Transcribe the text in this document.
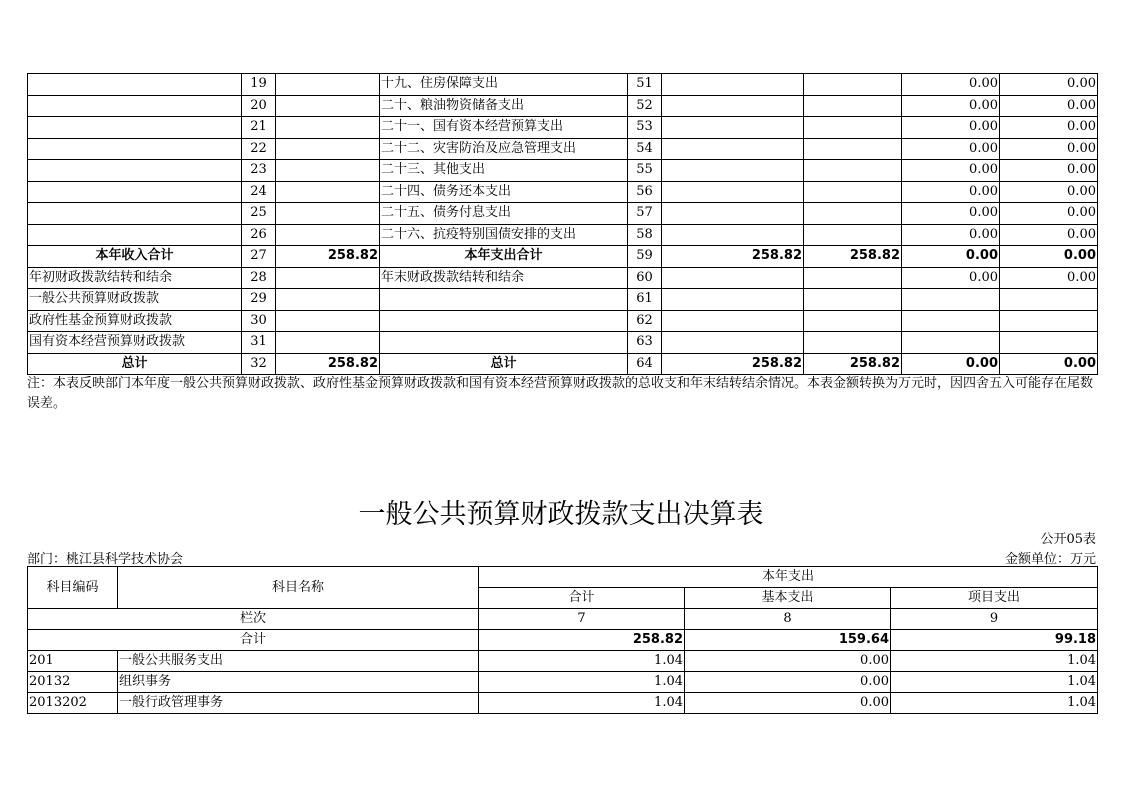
	19		十九、住房保障支出	51			0.00	0.00
	20		二十、粮油物资储备支出	52			0.00	0.00
	21		二十一、国有资本经营预算支出	53			0.00	0.00
	22		二十二、灾害防治及应急管理支出	54			0.00	0.00
	23		二十三、其他支出	55			0.00	0.00
	24		二十四、债务还本支出	56			0.00	0.00
	25		二十五、债务付息支出	57			0.00	0.00
	26		二十六、抗疫特别国债安排的支出	58			0.00	0.00
本年收入合计	27	258.82	本年支出合计	59	258.82	258.82	0.00	0.00
年初财政拨款结转和结余	28		年末财政拨款结转和结余	60			0.00	0.00
一般公共预算财政拨款	29			61				
政府性基金预算财政拨款	30			62				
国有资本经营预算财政拨款	31			63				
总计	32	258.82	总计	64	258.82	258.82	0.00	0.00
注：本表反映部门本年度一般公共预算财政拨款、政府性基金预算财政拨款和国有资本经营预算财政拨款的总收支和年末结转结余情况。本表金额转换为万元时，因四舍五入可能存在尾数误差。
一般公共预算财政拨款支出决算表
公开05表
部门：桃江县科学技术协会	金额单位：万元
科目编码	科目名称	本年支出		
		合计	基本支出	项目支出
栏次		7	8	9
合计		258.82	159.64	99.18
201	一般公共服务支出	1.04	0.00	1.04
20132	组织事务	1.04	0.00	1.04
2013202	一般行政管理事务	1.04	0.00	1.04
